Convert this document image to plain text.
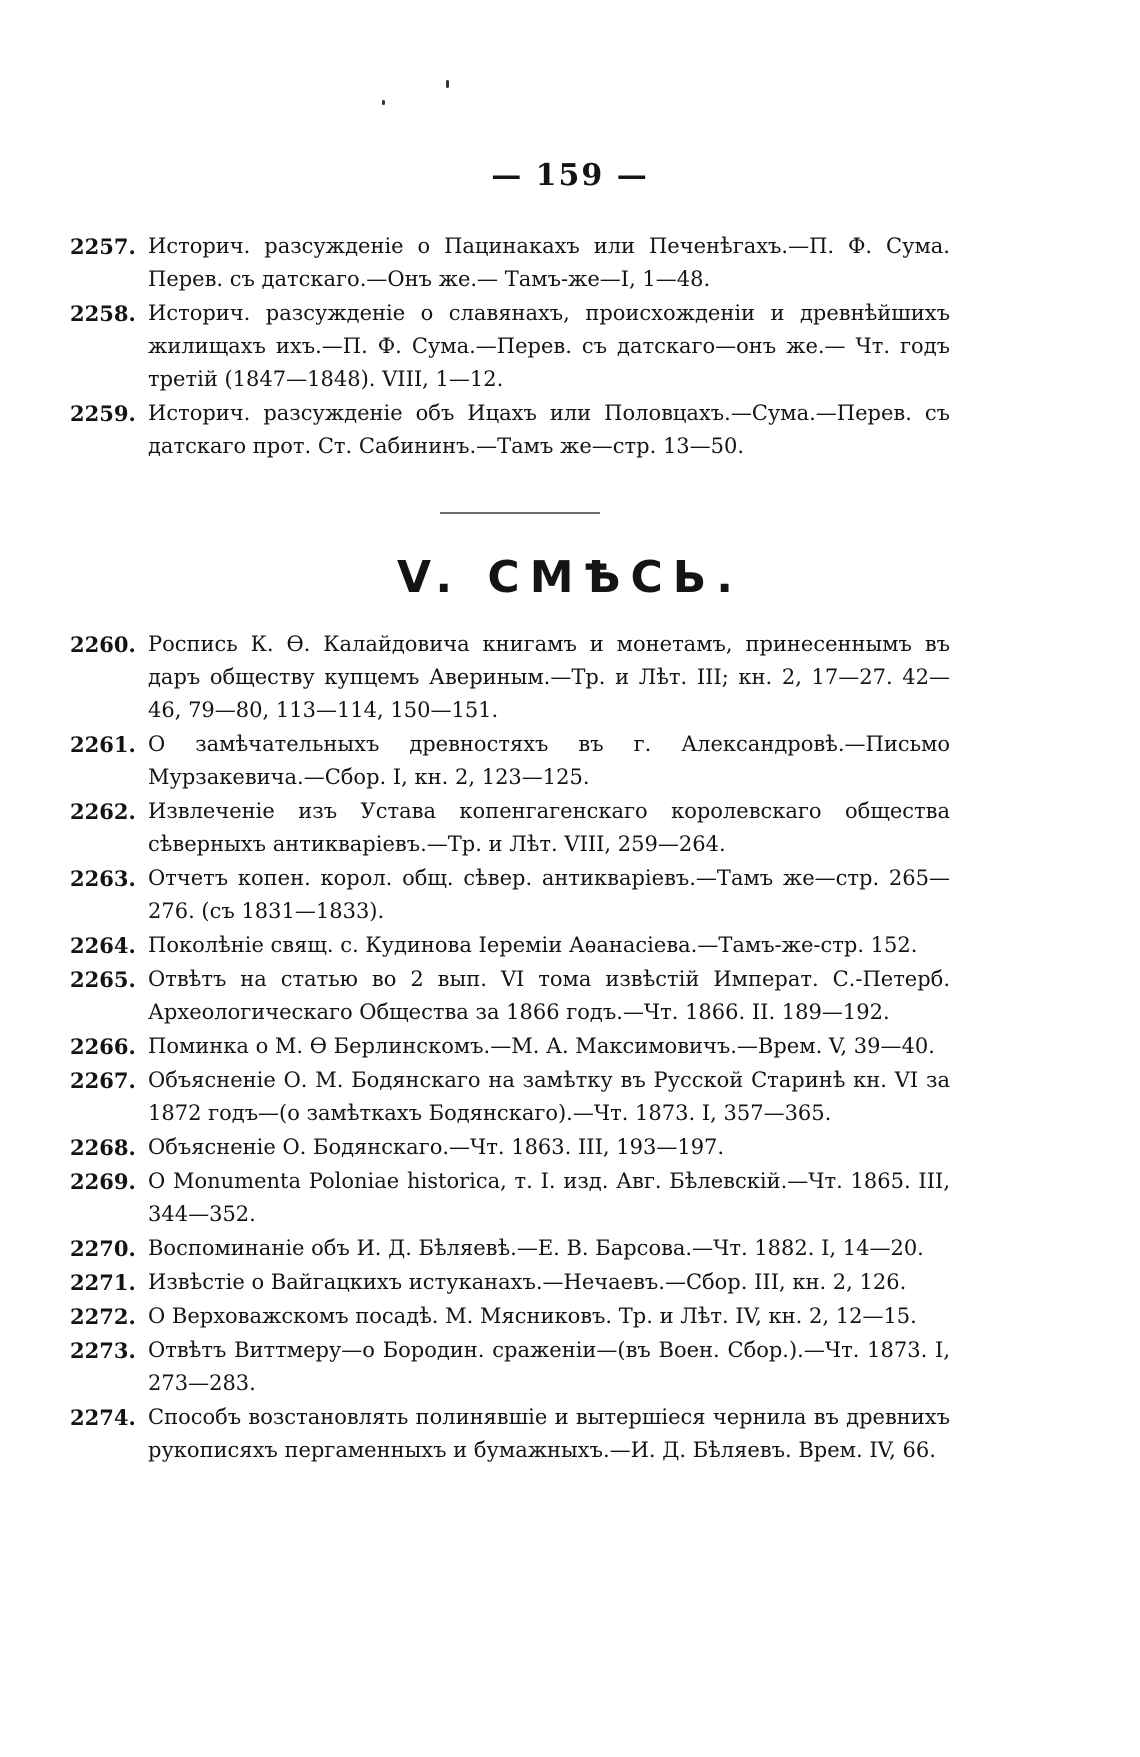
— 159 —
2257. Историч. разсужденіе о Пацинакахъ или Печенѣгахъ.—П. Ф. Сума. Перев. съ датскаго.—Онъ же.— Тамъ-же—I, 1—48.
2258. Историч. разсужденіе о славянахъ, происхожденіи и древнѣйшихъ жилищахъ ихъ.—П. Ф. Сума.—Перев. съ датскаго—онъ же.— Чт. годъ третій (1847—1848). VIII, 1—12.
2259. Историч. разсужденіе объ Ицахъ или Половцахъ.—Сума.—Перев. съ датскаго прот. Ст. Сабининъ.—Тамъ же—стр. 13—50.
V. СМѢСЬ.
2260. Роспись К. Ѳ. Калайдовича книгамъ и монетамъ, принесеннымъ въ даръ обществу купцемъ Авериным.—Тр. и Лѣт. III; кн. 2, 17—27. 42—46, 79—80, 113—114, 150—151.
2261. О замѣчательныхъ древностяхъ въ г. Александровѣ.—Письмо Мурзакевича.—Сбор. I, кн. 2, 123—125.
2262. Извлеченіе изъ Устава копенгагенскаго королевскаго общества сѣверныхъ антикваріевъ.—Тр. и Лѣт. VIII, 259—264.
2263. Отчетъ копен. корол. общ. сѣвер. антикваріевъ.—Тамъ же—стр. 265—276. (съ 1831—1833).
2264. Поколѣніе свящ. с. Кудинова Іереміи Аѳанасіева.—Тамъ-же-стр. 152.
2265. Отвѣтъ на статью во 2 вып. VI тома извѣстій Императ. С.-Петерб. Археологическаго Общества за 1866 годъ.—Чт. 1866. II. 189—192.
2266. Поминка о М. Ѳ Берлинскомъ.—М. А. Максимовичъ.—Врем. V, 39—40.
2267. Объясненіе О. М. Бодянскаго на замѣтку въ Русской Старинѣ кн. VI за 1872 годъ—(о замѣткахъ Бодянскаго).—Чт. 1873. I, 357—365.
2268. Объясненіе О. Бодянскаго.—Чт. 1863. III, 193—197.
2269. О Monumenta Poloniae historica, т. I. изд. Авг. Бѣлевскій.—Чт. 1865. III, 344—352.
2270. Воспоминаніе объ И. Д. Бѣляевѣ.—Е. В. Барсова.—Чт. 1882. I, 14—20.
2271. Извѣстіе о Вайгацкихъ истуканахъ.—Нечаевъ.—Сбор. III, кн. 2, 126.
2272. О Верховажскомъ посадѣ. М. Мясниковъ. Тр. и Лѣт. IV, кн. 2, 12—15.
2273. Отвѣтъ Виттмеру—о Бородин. сраженіи—(въ Воен. Сбор.).—Чт. 1873. I, 273—283.
2274. Способъ возстановлять полинявшіе и вытершіеся чернила въ древнихъ рукописяхъ пергаменныхъ и бумажныхъ.—И. Д. Бѣляевъ. Врем. IV, 66.
